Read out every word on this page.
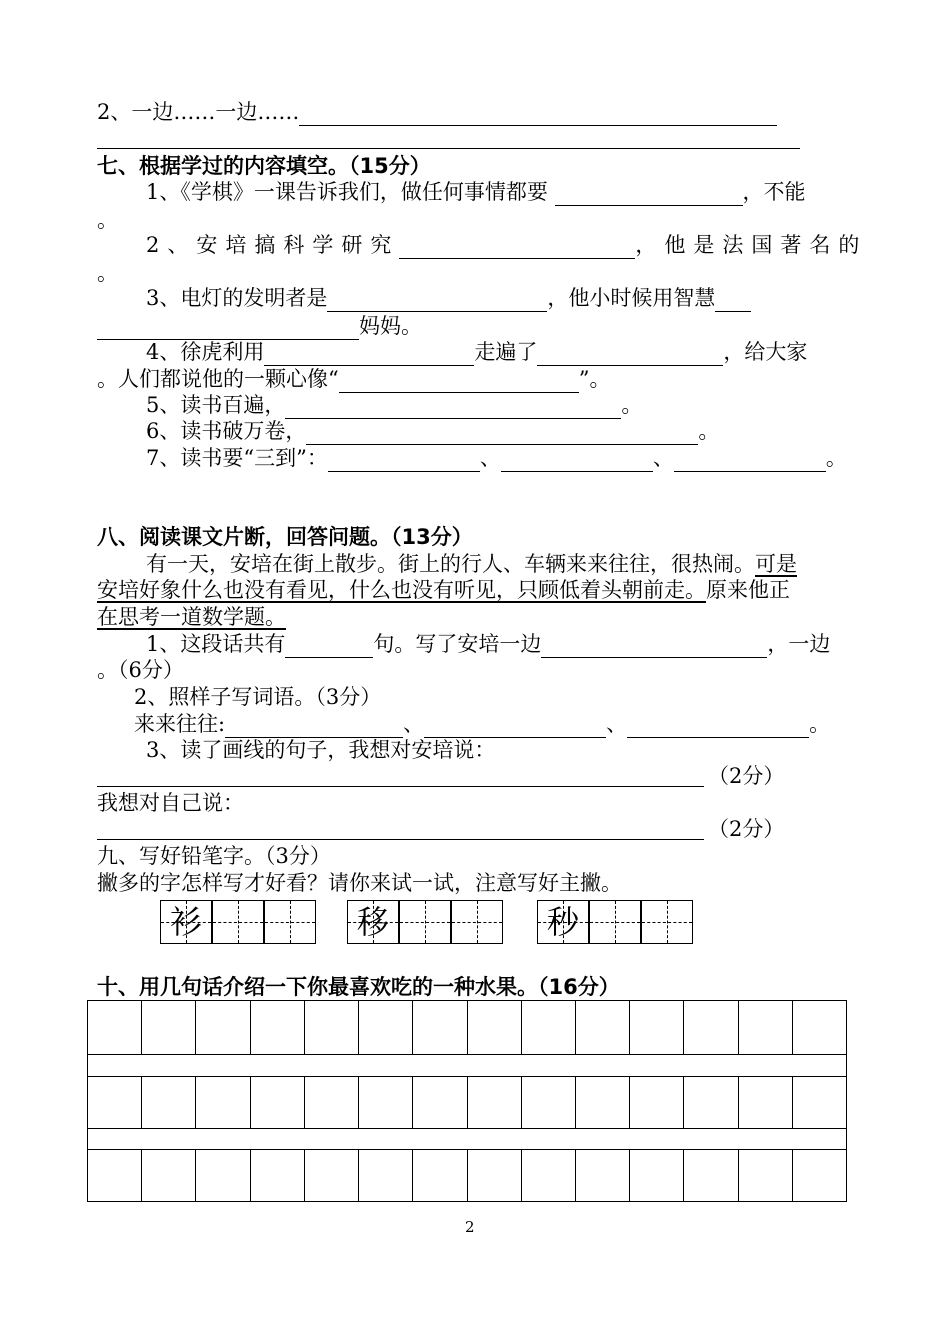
2、一边……一边……
七、根据学过的内容填空。（15分）
1、《学棋》一课告诉我们，做任何事情都要	，不能
。
2、安培搞科学研究	，他是法国著名的
。
3、电灯的发明者是	，他小时候用智慧
妈妈。
4、徐虎利用	走遍了	，给大家
。人们都说他的一颗心像“	”。
5、读书百遍，	。
6、读书破万卷，	。
7、读书要“三到”：	、	、	。
八、阅读课文片断，回答问题。（13分）
有一天，安培在街上散步。街上的行人、车辆来来往往，很热闹。可是
安培好象什么也没有看见，什么也没有听见，只顾低着头朝前走。原来他正
在思考一道数学题。
1、这段话共有	句。写了安培一边	，一边
。（6分）
2、照样子写词语。（3分）
来来往往:	、	、	。
3、读了画线的句子，我想对安培说：
（2分）
我想对自己说：
（2分）
九、写好铅笔字。（3分）
撇多的字怎样写才好看？请你来试一试，注意写好主撇。
衫	移	秒
十、用几句话介绍一下你最喜欢吃的一种水果。（16分）
2
